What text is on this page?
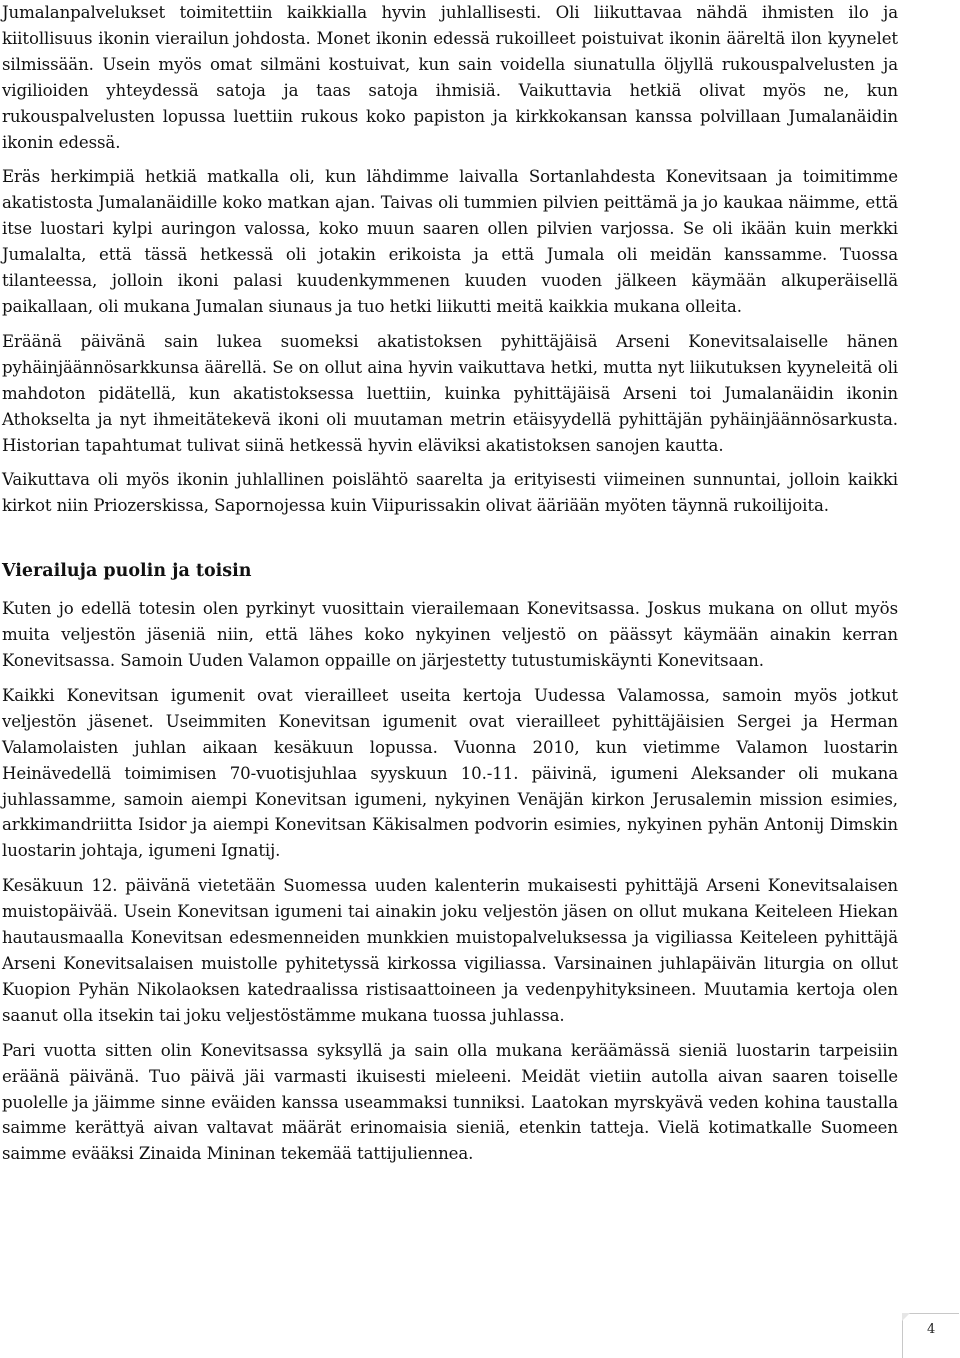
Jumalanpalvelukset toimitettiin kaikkialla hyvin juhlallisesti. Oli liikuttavaa nähdä ihmisten ilo ja kiitollisuus ikonin vierailun johdosta. Monet ikonin edessä rukoilleet poistuivat ikonin ääreltä ilon kyynelet silmissään. Usein myös omat silmäni kostuivat, kun sain voidella siunatulla öljyllä rukouspalvelusten ja vigilioiden yhteydessä satoja ja taas satoja ihmisiä. Vaikuttavia hetkiä olivat myös ne, kun rukouspalvelusten lopussa luettiin rukous koko papiston ja kirkkokansan kanssa polvillaan Jumalanäidin ikonin edessä.

Eräs herkimpiä hetkiä matkalla oli, kun lähdimme laivalla Sortanlahdesta Konevitsaan ja toimitimme akatistosta Jumalanäidille koko matkan ajan. Taivas oli tummien pilvien peittämä ja jo kaukaa näimme, että itse luostari kylpi auringon valossa, koko muun saaren ollen pilvien varjossa. Se oli ikään kuin merkki Jumalalta, että tässä hetkessä oli jotakin erikoista ja että Jumala oli meidän kanssamme. Tuossa tilanteessa, jolloin ikoni palasi kuudenkymmenen kuuden vuoden jälkeen käymään alkuperäisellä paikallaan, oli mukana Jumalan siunaus ja tuo hetki liikutti meitä kaikkia mukana olleita.

Eräänä päivänä sain lukea suomeksi akatistoksen pyhittäjäisä Arseni Konevitsalaiselle hänen pyhäinjäännösarkkunsa äärellä. Se on ollut aina hyvin vaikuttava hetki, mutta nyt liikutuksen kyyneleitä oli mahdoton pidätellä, kun akatistoksessa luettiin, kuinka pyhittäjäisä Arseni toi Jumalanäidin ikonin Athokselta ja nyt ihmeitätekevä ikoni oli muutaman metrin etäisyydellä pyhittäjän pyhäinjäännösarkusta. Historian tapahtumat tulivat siinä hetkessä hyvin eläviksi akatistoksen sanojen kautta.

Vaikuttava oli myös ikonin juhlallinen poislähtö saarelta ja erityisesti viimeinen sunnuntai, jolloin kaikki kirkot niin Priozerskissa, Sapornojessa kuin Viipurissakin olivat ääriään myöten täynnä rukoilijoita.

Vierailuja puolin ja toisin

Kuten jo edellä totesin olen pyrkinyt vuosittain vierailemaan Konevitsassa. Joskus mukana on ollut myös muita veljestön jäseniä niin, että lähes koko nykyinen veljestö on päässyt käymään ainakin kerran Konevitsassa. Samoin Uuden Valamon oppaille on järjestetty tutustumiskäynti Konevitsaan.

Kaikki Konevitsan igumenit ovat vierailleet useita kertoja Uudessa Valamossa, samoin myös jotkut veljestön jäsenet. Useimmiten Konevitsan igumenit ovat vierailleet pyhittäjäisien Sergei ja Herman Valamolaisten juhlan aikaan kesäkuun lopussa. Vuonna 2010, kun vietimme Valamon luostarin Heinävedellä toimimisen 70-vuotisjuhlaa syyskuun 10.-11. päivinä, igumeni Aleksander oli mukana juhlassamme, samoin aiempi Konevitsan igumeni, nykyinen Venäjän kirkon Jerusalemin mission esimies, arkkimandriitta Isidor ja aiempi Konevitsan Käkisalmen podvorin esimies, nykyinen pyhän Antonij Dimskin luostarin johtaja, igumeni Ignatij.

Kesäkuun 12. päivänä vietetään Suomessa uuden kalenterin mukaisesti pyhittäjä Arseni Konevitsalaisen muistopäivää. Usein Konevitsan igumeni tai ainakin joku veljestön jäsen on ollut mukana Keiteleen Hiekan hautausmaalla Konevitsan edesmenneiden munkkien muistopalveluksessa ja vigiliassa Keiteleen pyhittäjä Arseni Konevitsalaisen muistolle pyhitetyssä kirkossa vigiliassa. Varsinainen juhlapäivän liturgia on ollut Kuopion Pyhän Nikolaoksen katedraalissa ristisaattoineen ja vedenpyhityksineen. Muutamia kertoja olen saanut olla itsekin tai joku veljestöstämme mukana tuossa juhlassa.

Pari vuotta sitten olin Konevitsassa syksyllä ja sain olla mukana keräämässä sieniä luostarin tarpeisiin eräänä päivänä. Tuo päivä jäi varmasti ikuisesti mieleeni. Meidät vietiin autolla aivan saaren toiselle puolelle ja jäimme sinne eväiden kanssa useammaksi tunniksi. Laatokan myrskyävä veden kohina taustalla saimme kerättyä aivan valtavat määrät erinomaisia sieniä, etenkin tatteja. Vielä kotimatkalle Suomeen saimme evääksi Zinaida Mininan tekemää tattijuliennea.

4
